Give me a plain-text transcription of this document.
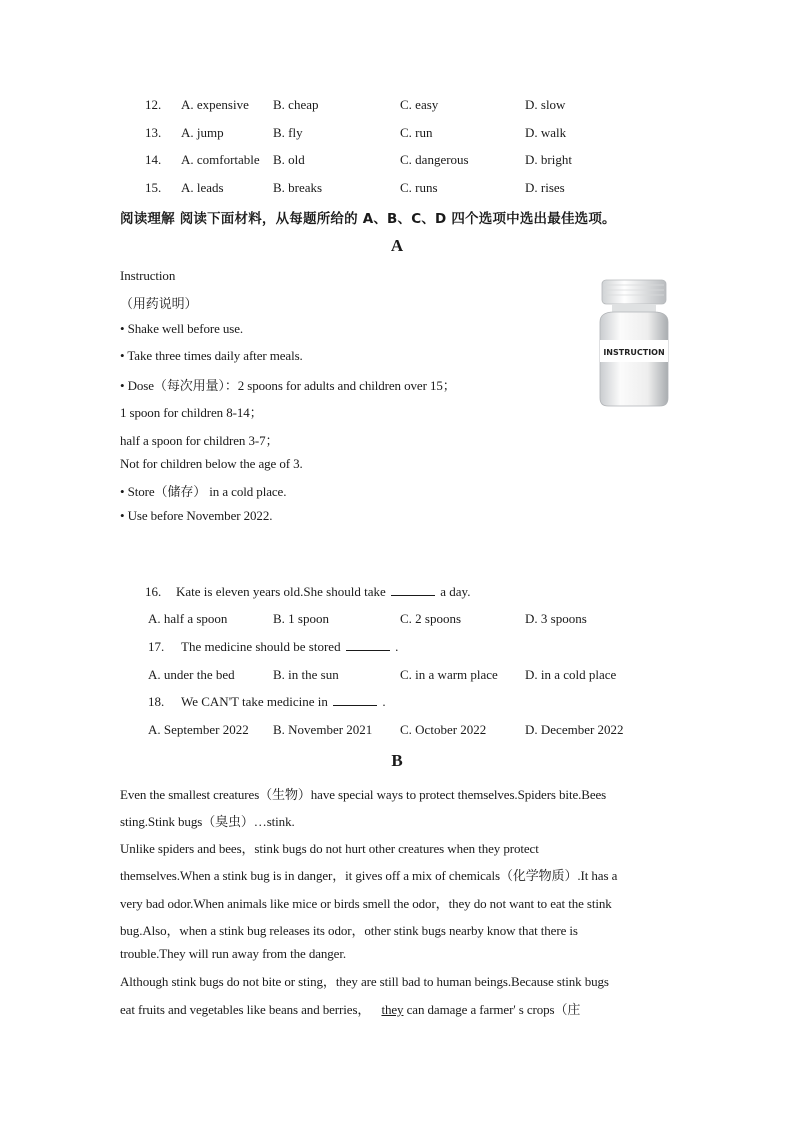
12. A. expensive B. cheap	C. easy	D. slow
13. A. jump	B. fly	C. run	D. walk
14. A. comfortable B. old	C. dangerous	D. bright
15. A. leads	B. breaks	C. runs	D. rises
阅读理解 阅读下面材料，从每题所给的 A、B、C、D 四个选项中选出最佳选项。
A
Instruction
（用药说明）
• Shake well before use.
• Take three times daily after meals.
• Dose（每次用量）：2 spoons for adults and children over 15；
1 spoon for children 8-14；
half a spoon for children 3-7；
Not for children below the age of 3.
• Store（储存） in a cold place.
• Use before November 2022.
INSTRUCTION
16. Kate is eleven years old.She should take	a day.
A. half a spoon	B. 1 spoon	C. 2 spoons	D. 3 spoons
17. The medicine should be stored	.
A. under the bed	B. in the sun	C. in a warm place D. in a cold place
18. We CAN'T take medicine in	.
A. September 2022 B. November 2021 C. October 2022	D. December 2022
B
Even the smallest creatures（生物）have special ways to protect themselves.Spiders bite.Bees
sting.Stink bugs（臭虫）…stink.
Unlike spiders and bees，stink bugs do not hurt other creatures when they protect
themselves.When a stink bug is in danger，it gives off a mix of chemicals（化学物质）.It has a
very bad odor.When animals like mice or birds smell the odor，they do not want to eat the stink
bug.Also，when a stink bug releases its odor，other stink bugs nearby know that there is
trouble.They will run away from the danger.
Although stink bugs do not bite or sting，they are still bad to human beings.Because stink bugs
eat fruits and vegetables like beans and berries， they can damage a farmer' s crops（庄
